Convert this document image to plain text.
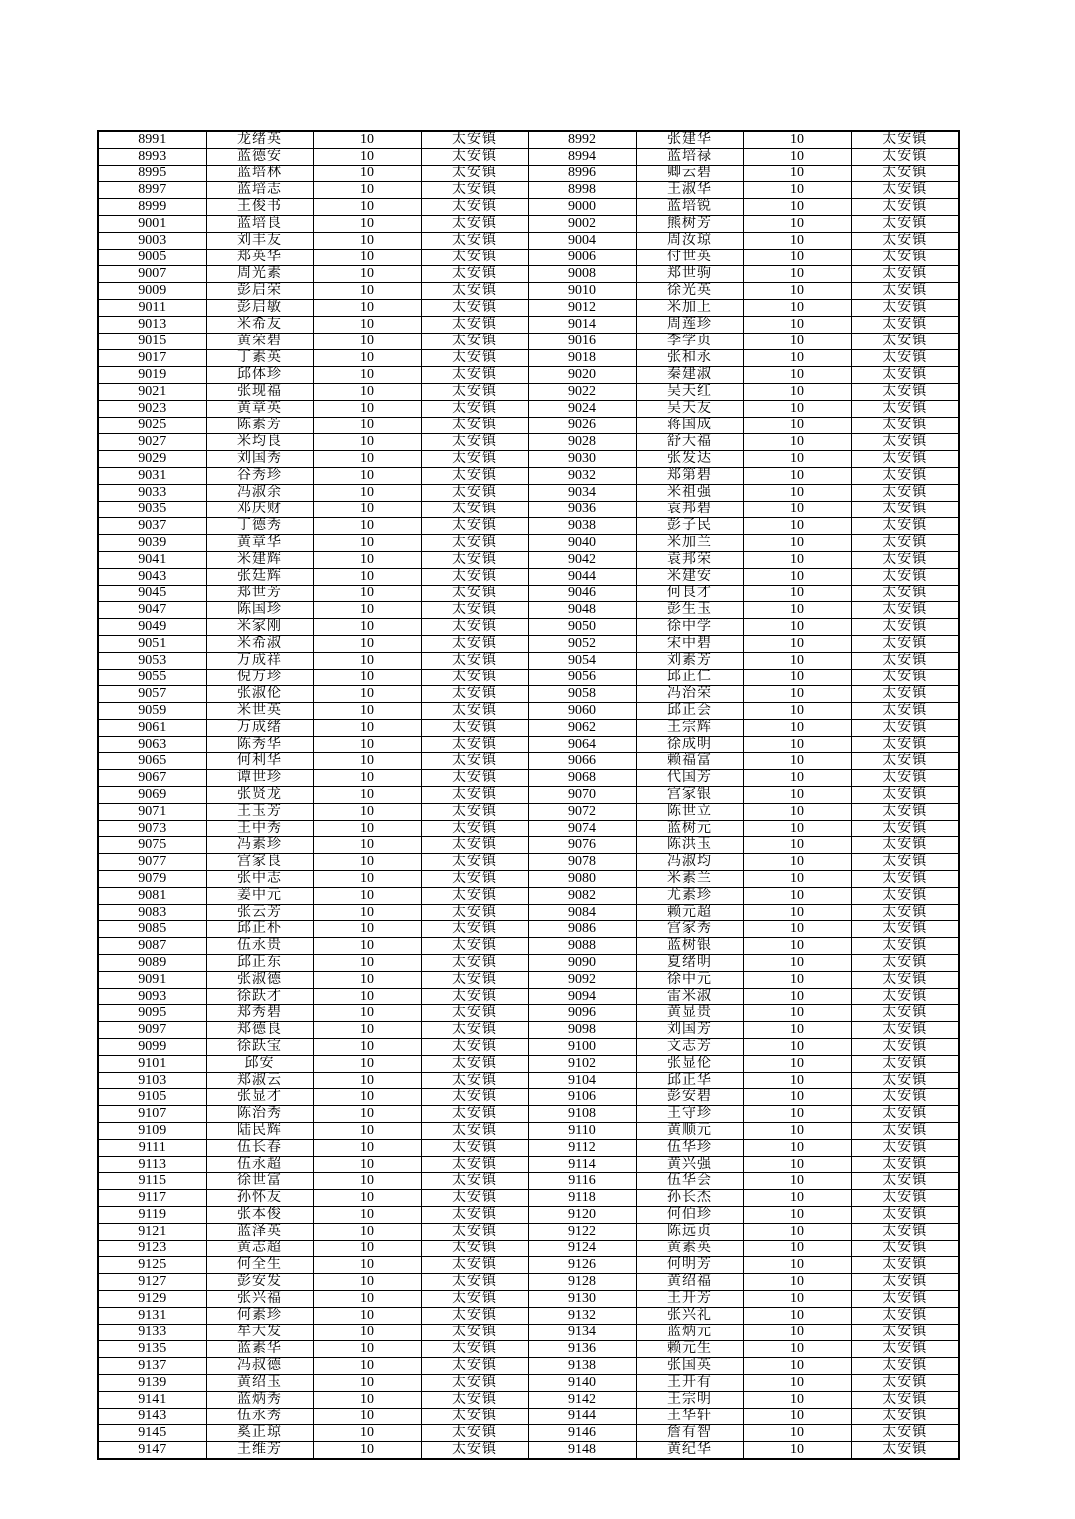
8991	龙绪英	10	太安镇	8992	张建华	10	太安镇
8993	蓝德安	10	太安镇	8994	蓝培禄	10	太安镇
8995	蓝培林	10	太安镇	8996	卿云碧	10	太安镇
8997	蓝培志	10	太安镇	8998	王淑华	10	太安镇
8999	王俊书	10	太安镇	9000	蓝培锐	10	太安镇
9001	蓝培良	10	太安镇	9002	熊树芳	10	太安镇
9003	刘丰友	10	太安镇	9004	周汝琼	10	太安镇
9005	郑英华	10	太安镇	9006	付世英	10	太安镇
9007	周光素	10	太安镇	9008	郑世驹	10	太安镇
9009	彭启荣	10	太安镇	9010	徐光英	10	太安镇
9011	彭启敏	10	太安镇	9012	米加上	10	太安镇
9013	米希友	10	太安镇	9014	周莲珍	10	太安镇
9015	黄荣碧	10	太安镇	9016	李学贞	10	太安镇
9017	丁素英	10	太安镇	9018	张和永	10	太安镇
9019	邱体珍	10	太安镇	9020	秦建淑	10	太安镇
9021	张现福	10	太安镇	9022	吴天红	10	太安镇
9023	黄章英	10	太安镇	9024	吴天友	10	太安镇
9025	陈素芳	10	太安镇	9026	蒋国成	10	太安镇
9027	米均良	10	太安镇	9028	舒大福	10	太安镇
9029	刘国秀	10	太安镇	9030	张发达	10	太安镇
9031	谷秀珍	10	太安镇	9032	郑第碧	10	太安镇
9033	冯淑余	10	太安镇	9034	米祖强	10	太安镇
9035	邓庆财	10	太安镇	9036	袁邦碧	10	太安镇
9037	丁德秀	10	太安镇	9038	彭子民	10	太安镇
9039	黄章华	10	太安镇	9040	米加兰	10	太安镇
9041	米建辉	10	太安镇	9042	袁邦荣	10	太安镇
9043	张廷辉	10	太安镇	9044	米建安	10	太安镇
9045	郑世芳	10	太安镇	9046	何良才	10	太安镇
9047	陈国珍	10	太安镇	9048	彭生玉	10	太安镇
9049	米家刚	10	太安镇	9050	徐中学	10	太安镇
9051	米希淑	10	太安镇	9052	宋中碧	10	太安镇
9053	万成祥	10	太安镇	9054	刘素芳	10	太安镇
9055	倪方珍	10	太安镇	9056	邱正仁	10	太安镇
9057	张淑伦	10	太安镇	9058	冯治荣	10	太安镇
9059	米世英	10	太安镇	9060	邱正会	10	太安镇
9061	万成绪	10	太安镇	9062	王宗辉	10	太安镇
9063	陈秀华	10	太安镇	9064	徐成明	10	太安镇
9065	何利华	10	太安镇	9066	赖福富	10	太安镇
9067	谭世珍	10	太安镇	9068	代国芳	10	太安镇
9069	张贤龙	10	太安镇	9070	宫家银	10	太安镇
9071	王玉芳	10	太安镇	9072	陈世立	10	太安镇
9073	王中秀	10	太安镇	9074	蓝树元	10	太安镇
9075	冯素珍	10	太安镇	9076	陈洪玉	10	太安镇
9077	宫家良	10	太安镇	9078	冯淑均	10	太安镇
9079	张中志	10	太安镇	9080	米素兰	10	太安镇
9081	姜中元	10	太安镇	9082	尤素珍	10	太安镇
9083	张云芳	10	太安镇	9084	赖元超	10	太安镇
9085	邱正朴	10	太安镇	9086	宫家秀	10	太安镇
9087	伍永贵	10	太安镇	9088	蓝树银	10	太安镇
9089	邱正东	10	太安镇	9090	夏绪明	10	太安镇
9091	张淑德	10	太安镇	9092	徐中元	10	太安镇
9093	徐跃才	10	太安镇	9094	雷米淑	10	太安镇
9095	郑秀碧	10	太安镇	9096	黄显贵	10	太安镇
9097	郑德良	10	太安镇	9098	刘国芳	10	太安镇
9099	徐跃宝	10	太安镇	9100	文志芳	10	太安镇
9101	邱安	10	太安镇	9102	张显伦	10	太安镇
9103	郑淑云	10	太安镇	9104	邱正华	10	太安镇
9105	张显才	10	太安镇	9106	彭安碧	10	太安镇
9107	陈治秀	10	太安镇	9108	王守珍	10	太安镇
9109	陆民辉	10	太安镇	9110	黄顺元	10	太安镇
9111	伍长春	10	太安镇	9112	伍华珍	10	太安镇
9113	伍永超	10	太安镇	9114	黄兴强	10	太安镇
9115	徐世富	10	太安镇	9116	伍华会	10	太安镇
9117	孙怀友	10	太安镇	9118	孙长杰	10	太安镇
9119	张本俊	10	太安镇	9120	何伯珍	10	太安镇
9121	蓝泽英	10	太安镇	9122	陈远贞	10	太安镇
9123	黄志超	10	太安镇	9124	黄素英	10	太安镇
9125	何全生	10	太安镇	9126	何明芳	10	太安镇
9127	彭安发	10	太安镇	9128	黄绍福	10	太安镇
9129	张兴福	10	太安镇	9130	王开芳	10	太安镇
9131	何素珍	10	太安镇	9132	张兴礼	10	太安镇
9133	牟大发	10	太安镇	9134	蓝炳元	10	太安镇
9135	蓝素华	10	太安镇	9136	赖元生	10	太安镇
9137	冯叔德	10	太安镇	9138	张国英	10	太安镇
9139	黄绍玉	10	太安镇	9140	王开有	10	太安镇
9141	蓝炳秀	10	太安镇	9142	王宗明	10	太安镇
9143	伍永秀	10	太安镇	9144	王华轩	10	太安镇
9145	奚正琼	10	太安镇	9146	詹有智	10	太安镇
9147	王维芳	10	太安镇	9148	黄纪华	10	太安镇
